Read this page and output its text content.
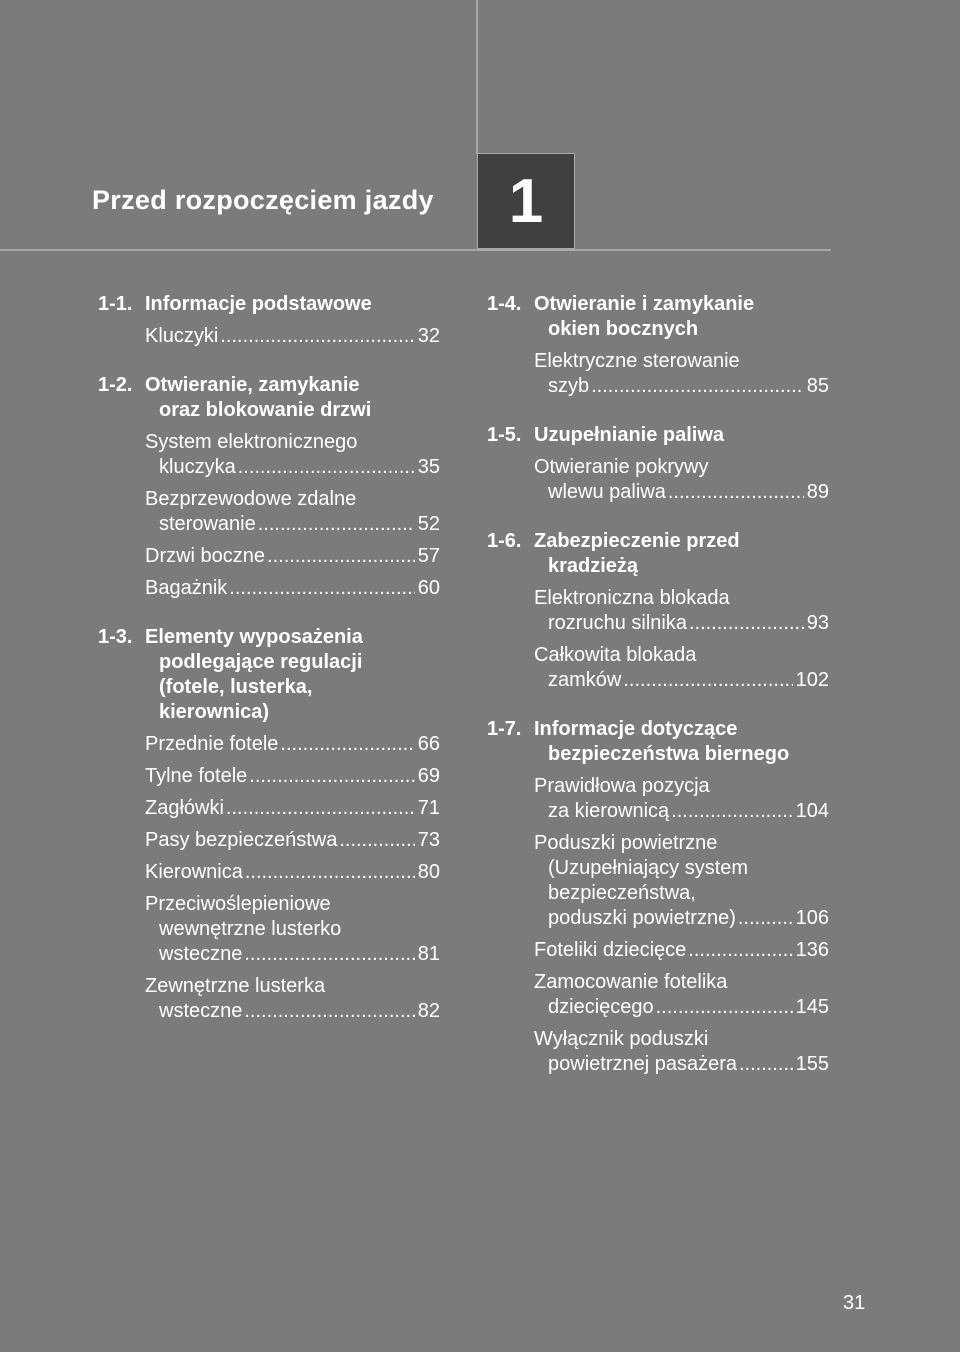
1
Przed rozpoczęciem jazdy
1-1. Informacje podstawowe
Kluczyki .....	32
1-2. Otwieranie, zamykanie
oraz blokowanie drzwi
System elektronicznego
kluczyka .....	35
Bezprzewodowe zdalne
sterowanie .....	52
Drzwi boczne .....	57
Bagażnik .....	60
1-3. Elementy wyposażenia
podlegające regulacji
(fotele, lusterka,
kierownica)
Przednie fotele .....	66
Tylne fotele .....	69
Zagłówki .....	71
Pasy bezpieczeństwa .....	73
Kierownica .....	80
Przeciwoślepieniowe
wewnętrzne lusterko
wsteczne .....	81
Zewnętrzne lusterka
wsteczne .....	82
1-4. Otwieranie i zamykanie
okien bocznych
Elektryczne sterowanie
szyb .....	85
1-5. Uzupełnianie paliwa
Otwieranie pokrywy
wlewu paliwa .....	89
1-6. Zabezpieczenie przed
kradzieżą
Elektroniczna blokada
rozruchu silnika .....	93
Całkowita blokada
zamków .....	102
1-7. Informacje dotyczące
bezpieczeństwa biernego
Prawidłowa pozycja
za kierownicą .....	104
Poduszki powietrzne
(Uzupełniający system
bezpieczeństwa,
poduszki powietrzne) .....	106
Foteliki dziecięce .....	136
Zamocowanie fotelika
dziecięcego .....	145
Wyłącznik poduszki
powietrznej pasażera .....	155
31
